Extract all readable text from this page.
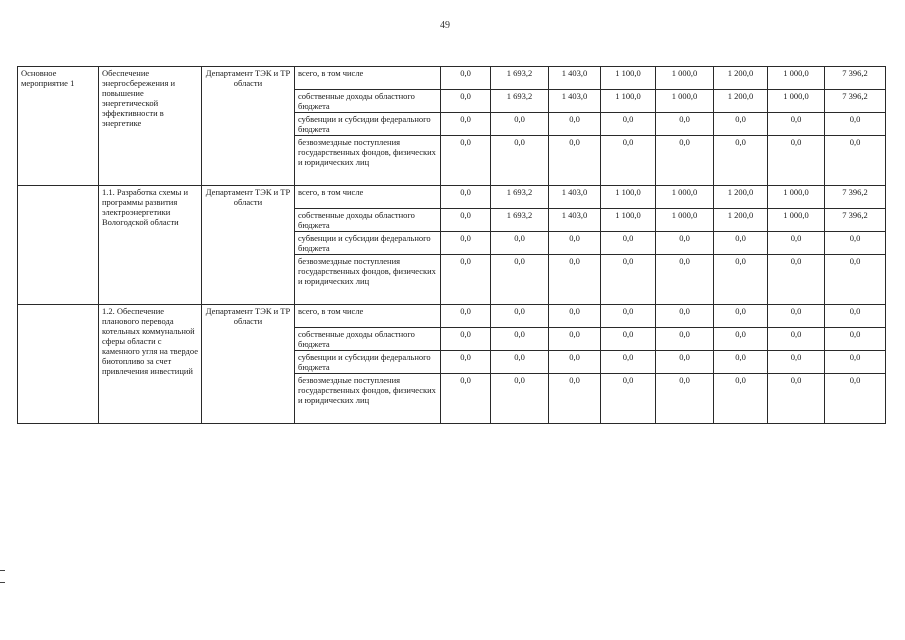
49
Основное мероприятие 1	Обеспечение энергосбережения и повышение энергетической эффективности в энергетике	Департамент ТЭК и ТР области	всего, в том числе	0,0	1 693,2	1 403,0	1 100,0	1 000,0	1 200,0	1 000,0	7 396,2
			собственные доходы областного бюджета	0,0	1 693,2	1 403,0	1 100,0	1 000,0	1 200,0	1 000,0	7 396,2
			субвенции и субсидии федерального бюджета	0,0	0,0	0,0	0,0	0,0	0,0	0,0	0,0
			безвозмездные поступления государственных фондов, физических и юридических лиц	0,0	0,0	0,0	0,0	0,0	0,0	0,0	0,0
	1.1. Разработка схемы и программы развития электроэнергетики Вологодской области	Департамент ТЭК и ТР области	всего, в том числе	0,0	1 693,2	1 403,0	1 100,0	1 000,0	1 200,0	1 000,0	7 396,2
			собственные доходы областного бюджета	0,0	1 693,2	1 403,0	1 100,0	1 000,0	1 200,0	1 000,0	7 396,2
			субвенции и субсидии федерального бюджета	0,0	0,0	0,0	0,0	0,0	0,0	0,0	0,0
			безвозмездные поступления государственных фондов, физических и юридических лиц	0,0	0,0	0,0	0,0	0,0	0,0	0,0	0,0
	1.2. Обеспечение планового перевода котельных коммунальной сферы области с каменного угля на твердое биотопливо за счет привлечения инвестиций	Департамент ТЭК и ТР области	всего, в том числе	0,0	0,0	0,0	0,0	0,0	0,0	0,0	0,0
			собственные доходы областного бюджета	0,0	0,0	0,0	0,0	0,0	0,0	0,0	0,0
			субвенции и субсидии федерального бюджета	0,0	0,0	0,0	0,0	0,0	0,0	0,0	0,0
			безвозмездные поступления государственных фондов, физических и юридических лиц	0,0	0,0	0,0	0,0	0,0	0,0	0,0	0,0
